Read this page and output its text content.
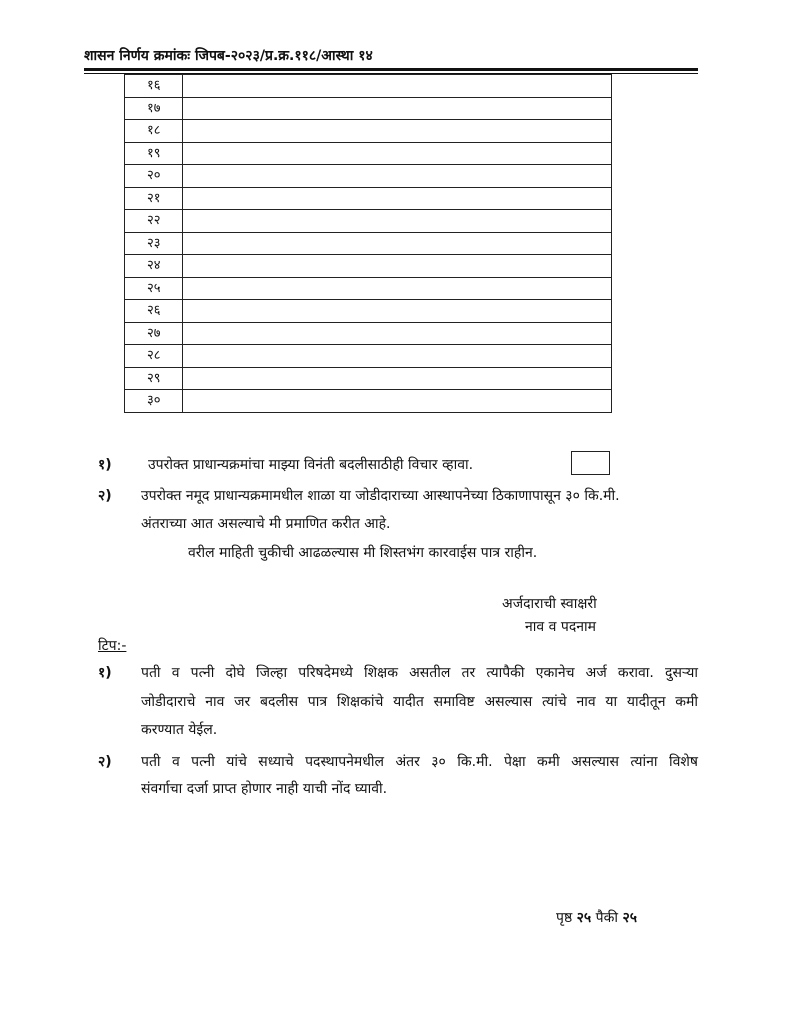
शासन निर्णय क्रमांकः जिपब-२०२३/प्र.क्र.११८/आस्था १४
१६	
१७	
१८	
१९	
२०	
२१	
२२	
२३	
२४	
२५	
२६	
२७	
२८	
२९	
३०	
१)	उपरोक्त प्राधान्यक्रमांचा माझ्या विनंती बदलीसाठीही विचार व्हावा.
२) उपरोक्त नमूद प्राधान्यक्रमामधील शाळा या जोडीदाराच्या आस्थापनेच्या ठिकाणापासून ३० कि.मी.
अंतराच्या आत असल्याचे मी प्रमाणित करीत आहे.
वरील माहिती चुकीची आढळल्यास मी शिस्तभंग कारवाईस पात्र राहीन.
अर्जदाराची स्वाक्षरी
नाव व पदनाम
टिप:-
१) पती व पत्नी दोघे जिल्हा परिषदेमध्ये शिक्षक असतील तर त्यापैकी एकानेच अर्ज करावा. दुसऱ्या
जोडीदाराचे नाव जर बदलीस पात्र शिक्षकांचे यादीत समाविष्ट असल्यास त्यांचे नाव या यादीतून कमी
करण्यात येईल.
२) पती व पत्नी यांचे सध्याचे पदस्थापनेमधील अंतर ३० कि.मी. पेक्षा कमी असल्यास त्यांना विशेष
संवर्गाचा दर्जा प्राप्त होणार नाही याची नोंद घ्यावी.
पृष्ठ २५ पैकी २५
